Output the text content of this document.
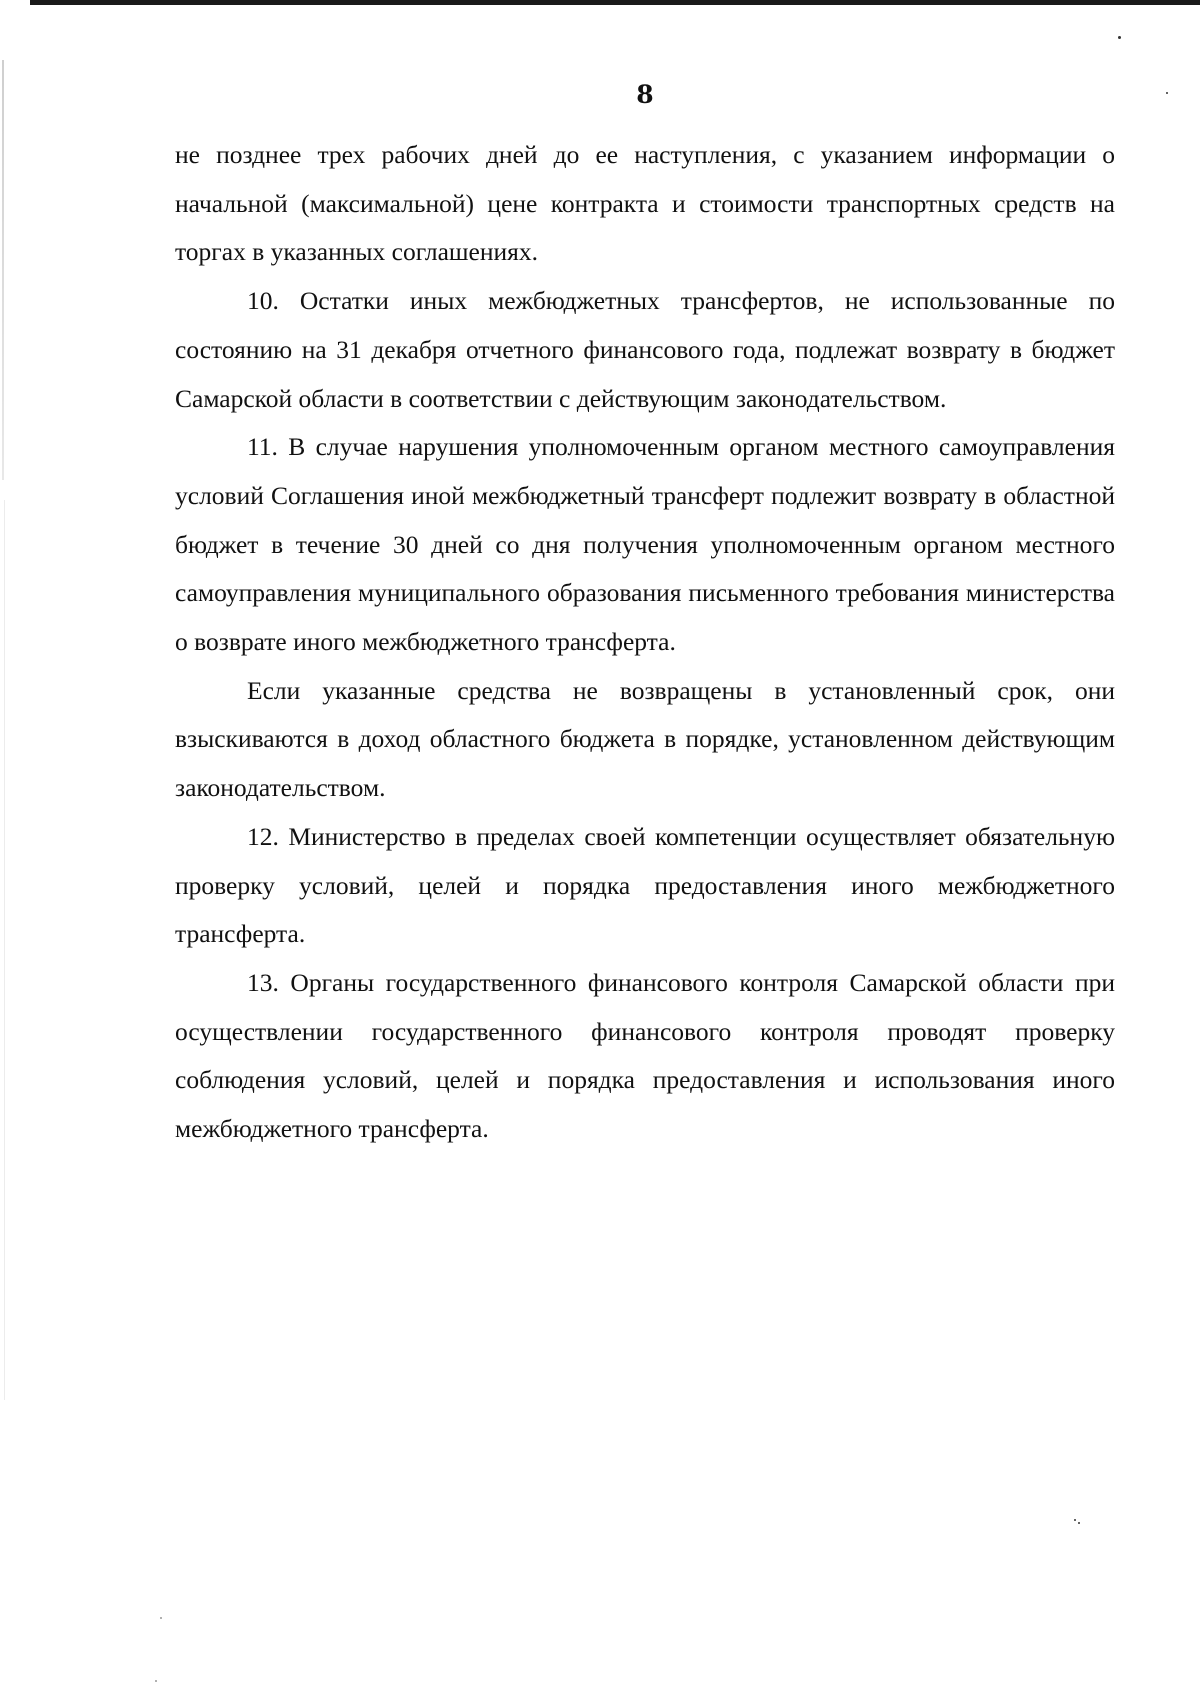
8

не позднее трех рабочих дней до ее наступления, с указанием информации о начальной (максимальной) цене контракта и стоимости транспортных средств на торгах в указанных соглашениях.

10. Остатки иных межбюджетных трансфертов, не использованные по состоянию на 31 декабря отчетного финансового года, подлежат возврату в бюджет Самарской области в соответствии с действующим законодательством.

11. В случае нарушения уполномоченным органом местного самоуправления условий Соглашения иной межбюджетный трансферт подлежит возврату в областной бюджет в течение 30 дней со дня получения уполномоченным органом местного самоуправления муниципального образования письменного требования министерства о возврате иного межбюджетного трансферта.

Если указанные средства не возвращены в установленный срок, они взыскиваются в доход областного бюджета в порядке, установленном действующим законодательством.

12. Министерство в пределах своей компетенции осуществляет обязательную проверку условий, целей и порядка предоставления иного межбюджетного трансферта.

13. Органы государственного финансового контроля Самарской области при осуществлении государственного финансового контроля проводят проверку соблюдения условий, целей и порядка предоставления и использования иного межбюджетного трансферта.
